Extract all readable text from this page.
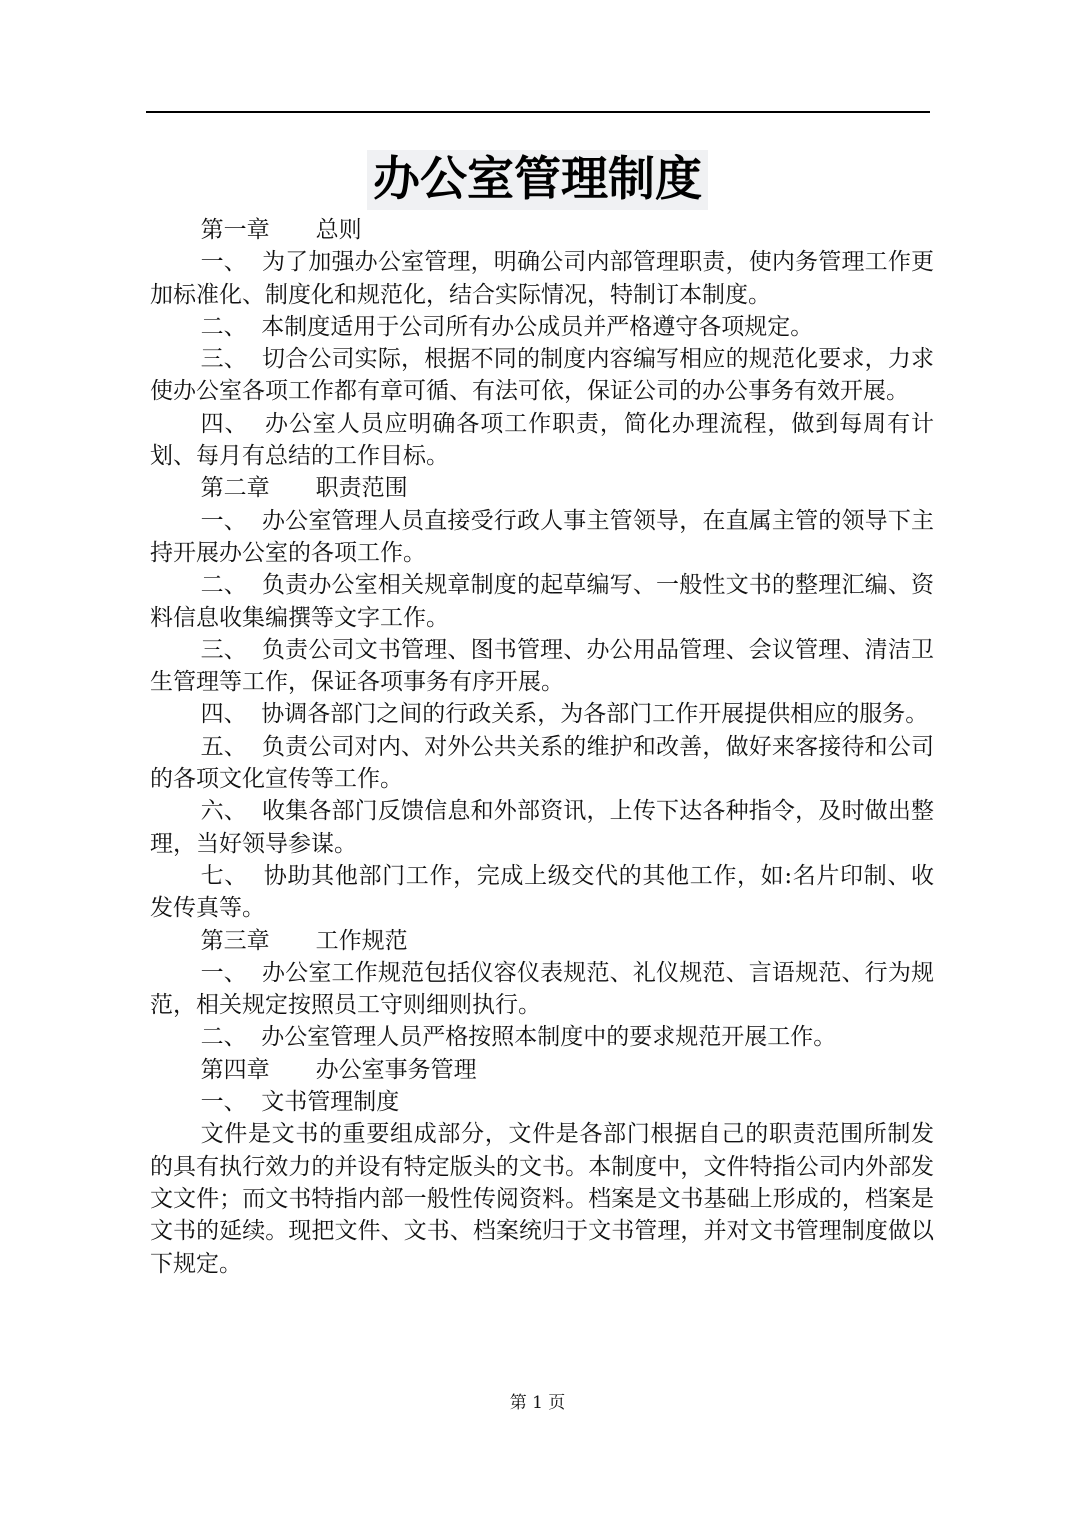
办公室管理制度

第一章　　总则

一、 为了加强办公室管理，明确公司内部管理职责，使内务管理工作更加标准化、制度化和规范化，结合实际情况，特制订本制度。

二、 本制度适用于公司所有办公成员并严格遵守各项规定。

三、 切合公司实际，根据不同的制度内容编写相应的规范化要求，力求使办公室各项工作都有章可循、有法可依，保证公司的办公事务有效开展。

四、 办公室人员应明确各项工作职责，简化办理流程，做到每周有计划、每月有总结的工作目标。

第二章　　职责范围

一、 办公室管理人员直接受行政人事主管领导，在直属主管的领导下主持开展办公室的各项工作。

二、 负责办公室相关规章制度的起草编写、一般性文书的整理汇编、资料信息收集编撰等文字工作。

三、 负责公司文书管理、图书管理、办公用品管理、会议管理、清洁卫生管理等工作，保证各项事务有序开展。

四、 协调各部门之间的行政关系，为各部门工作开展提供相应的服务。

五、 负责公司对内、对外公共关系的维护和改善，做好来客接待和公司的各项文化宣传等工作。

六、 收集各部门反馈信息和外部资讯，上传下达各种指令，及时做出整理，当好领导参谋。

七、 协助其他部门工作，完成上级交代的其他工作，如:名片印制、收发传真等。

第三章　　工作规范

一、 办公室工作规范包括仪容仪表规范、礼仪规范、言语规范、行为规范，相关规定按照员工守则细则执行。

二、 办公室管理人员严格按照本制度中的要求规范开展工作。

第四章　　办公室事务管理

一、 文书管理制度

文件是文书的重要组成部分，文件是各部门根据自己的职责范围所制发的具有执行效力的并设有特定版头的文书。本制度中，文件特指公司内外部发文文件；而文书特指内部一般性传阅资料。档案是文书基础上形成的，档案是文书的延续。现把文件、文书、档案统归于文书管理，并对文书管理制度做以下规定。

第 1 页
